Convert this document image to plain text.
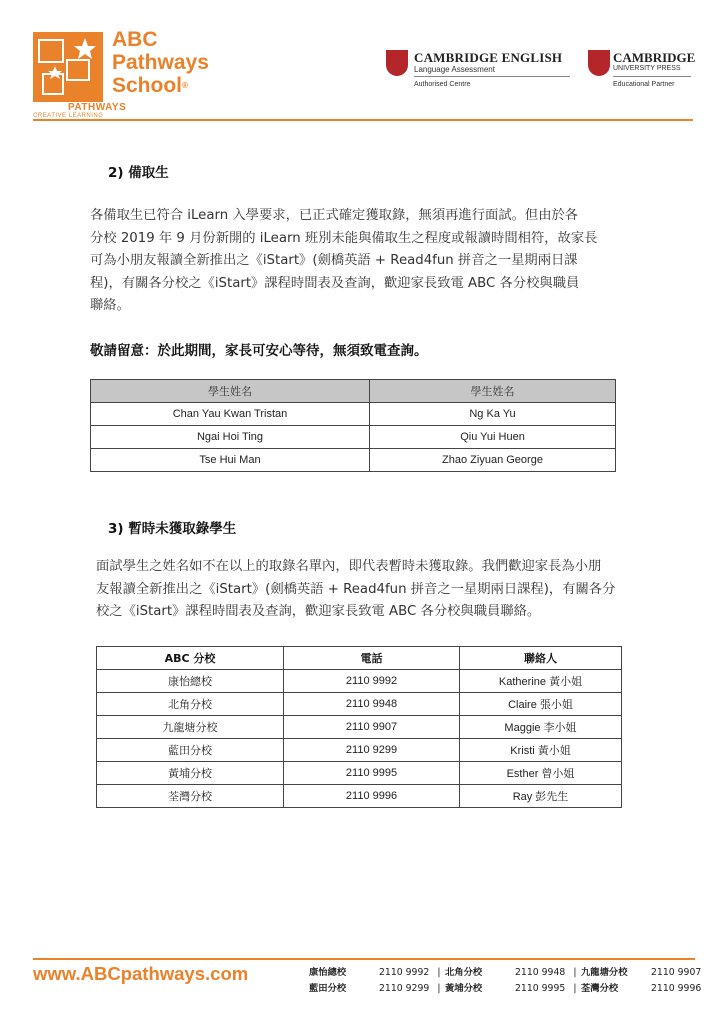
ABC
Pathways
School®
PATHWAYS
CREATIVE LEARNING
CAMBRIDGE ENGLISH
Language Assessment
Authorised Centre
CAMBRIDGE
UNIVERSITY PRESS
Educational Partner
2) 備取生
各備取生已符合 iLearn 入學要求，已正式確定獲取錄，無須再進行面試。但由於各
分校 2019 年 9 月份新開的 iLearn 班別未能與備取生之程度或報讀時間相符，故家長
可為小朋友報讀全新推出之《iStart》(劍橋英語 + Read4fun 拼音之一星期兩日課
程)，有關各分校之《iStart》課程時間表及查詢，歡迎家長致電 ABC 各分校與職員
聯絡。
敬請留意：於此期間，家長可安心等待，無須致電查詢。
學生姓名	學生姓名
Chan Yau Kwan Tristan	Ng Ka Yu
Ngai Hoi Ting	Qiu Yui Huen
Tse Hui Man	Zhao Ziyuan George
3) 暫時未獲取錄學生
面試學生之姓名如不在以上的取錄名單內，即代表暫時未獲取錄。我們歡迎家長為小朋
友報讀全新推出之《iStart》(劍橋英語 + Read4fun 拼音之一星期兩日課程)，有關各分
校之《iStart》課程時間表及查詢，歡迎家長致電 ABC 各分校與職員聯絡。
ABC 分校	電話	聯絡人
康怡總校	2110 9992	Katherine 黃小姐
北角分校	2110 9948	Claire 張小姐
九龍塘分校	2110 9907	Maggie 李小姐
藍田分校	2110 9299	Kristi 黃小姐
黃埔分校	2110 9995	Esther 曾小姐
荃灣分校	2110 9996	Ray 彭先生
www.ABCpathways.com	康怡總校	2110 9992 | 北角分校	2110 9948 | 九龍塘分校	2110 9907
藍田分校	2110 9299 | 黃埔分校	2110 9995 | 荃灣分校	2110 9996
